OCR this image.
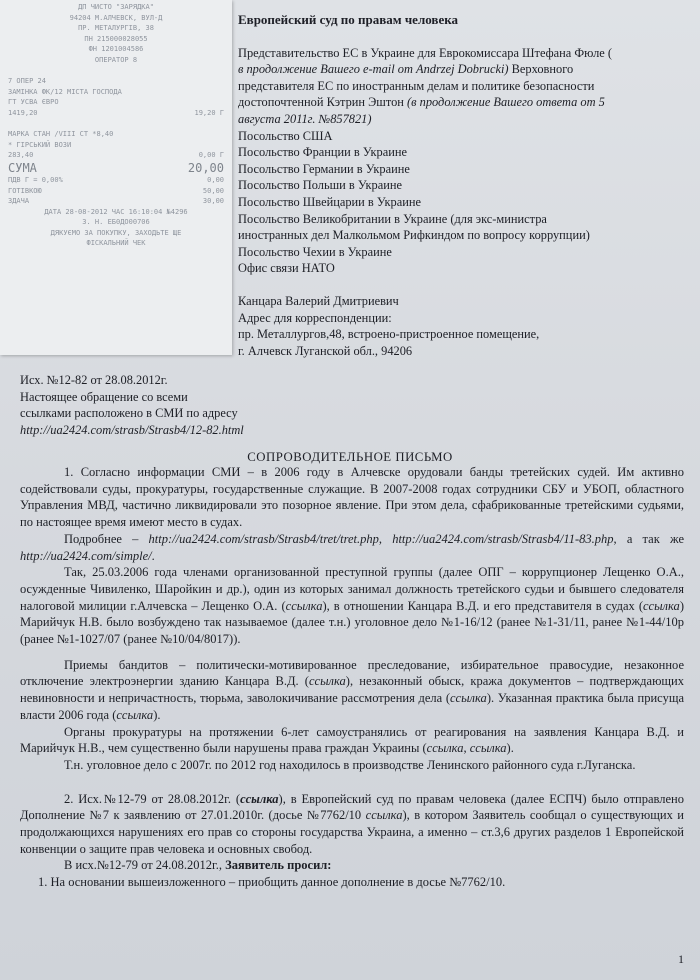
ДП ЧИСТО "ЗАРЯДКА"
94204 М.АЛЧЕВСК, ВУЛ-Д
ПР. МЕТАЛУРГІВ, 38
ПН 215000028055
ФН 1201004586
ОПЕРАТОР 8
7 ОПЕР 24
ЗАМІНКА ФК/12 МІСТА ГОСПОДА
ГТ УСВА ЄВРО
1419,20	19,20 Г
МАРКА СТАН /VIII СТ *8,40
* ГІРСЬКИЙ ВОЗИ
283,40	0,00 Г
СУМА	20,00
ПДВ Г = 0,00%	0,00
ГОТІВКОЮ	50,00
ЗДАЧА	30,00
ДАТА 28-08-2012 ЧАС 16:10:04 №4296
З. Н. ЕБ0ДО00706
ДЯКУЄМО ЗА ПОКУПКУ, ЗАХОДЬТЕ ЩЕ
ФІСКАЛЬНИЙ ЧЕК
Европейский суд по правам человека
Представительство ЕС в Украине для Еврокомиссара Штефана Фюле (
в продолжение Вашего e-mail от Andrzej Dobrucki) Верховного
представителя ЕС по иностранным делам и политике безопасности
достопочтенной Кэтрин Эштон (в продолжение Вашего ответа от 5
августа 2011г. №857821)
Посольство США
Посольство Франции в Украине
Посольство Германии в Украине
Посольство Польши в Украине
Посольство Швейцарии в Украине
Посольство Великобритании в Украине (для экс-министра
иностранных дел Малкольмом Рифкиндом по вопросу коррупции)
Посольство Чехии в Украине
Офис связи НАТО
Канцара Валерий Дмитриевич
Адрес для корреспонденции:
пр. Металлургов,48, встроено-пристроенное помещение,
г. Алчевск Луганской обл., 94206
Исх. №12-82 от 28.08.2012г.
Настоящее обращение со всеми
ссылками расположено в СМИ по адресу
http://ua2424.com/strasb/Strasb4/12-82.html
СОПРОВОДИТЕЛЬНОЕ ПИСЬМО

1. Согласно информации СМИ – в 2006 году в Алчевске орудовали банды третейских судей. Им активно содействовали суды, прокуратуры, государственные служащие. В 2007-2008 годах сотрудники СБУ и УБОП, областного Управления МВД, частично ликвидировали это позорное явление. При этом дела, сфабрикованные третейскими судьями, по настоящее время имеют место в судах.

Подробнее – http://ua2424.com/strasb/Strasb4/tret/tret.php, http://ua2424.com/strasb/Strasb4/11-83.php, а так же http://ua2424.com/simple/.

Так, 25.03.2006 года членами организованной преступной группы (далее ОПГ – коррупционер Лещенко О.А., осужденные Чивиленко, Шаройкин и др.), один из которых занимал должность третейского судьи и бывшего следователя налоговой милиции г.Алчевска – Лещенко О.А. (ссылка), в отношении Канцара В.Д. и его представителя в судах (ссылка) Марийчук Н.В. было возбуждено так называемое (далее т.н.) уголовное дело №1-16/12 (ранее №1-31/11, ранее №1-44/10р (ранее №1-1027/07 (ранее №10/04/8017)).

Приемы бандитов – политически-мотивированное преследование, избирательное правосудие, незаконное отключение электроэнергии зданию Канцара В.Д. (ссылка), незаконный обыск, кража документов – подтверждающих невиновности и непричастность, тюрьма, заволокичивание рассмотрения дела (ссылка). Указанная практика была присуща власти 2006 года (ссылка).

Органы прокуратуры на протяжении 6-лет самоустранялись от реагирования на заявления Канцара В.Д. и Марийчук Н.В., чем существенно были нарушены права граждан Украины (ссылка, ссылка).

Т.н. уголовное дело с 2007г. по 2012 год находилось в производстве Ленинского районного суда г.Луганска.

2. Исх.№12-79 от 28.08.2012г. (ссылка), в Европейский суд по правам человека (далее ЕСПЧ) было отправлено Дополнение №7 к заявлению от 27.01.2010г. (досье №7762/10 ссылка), в котором Заявитель сообщал о существующих и продолжающихся нарушениях его прав со стороны государства Украина, а именно – ст.3,6 других разделов 1 Европейской конвенции о защите прав человека и основных свобод.

В исх.№12-79 от 24.08.2012г., Заявитель просил:

1. На основании вышеизложенного – приобщить данное дополнение в досье №7762/10.

1
